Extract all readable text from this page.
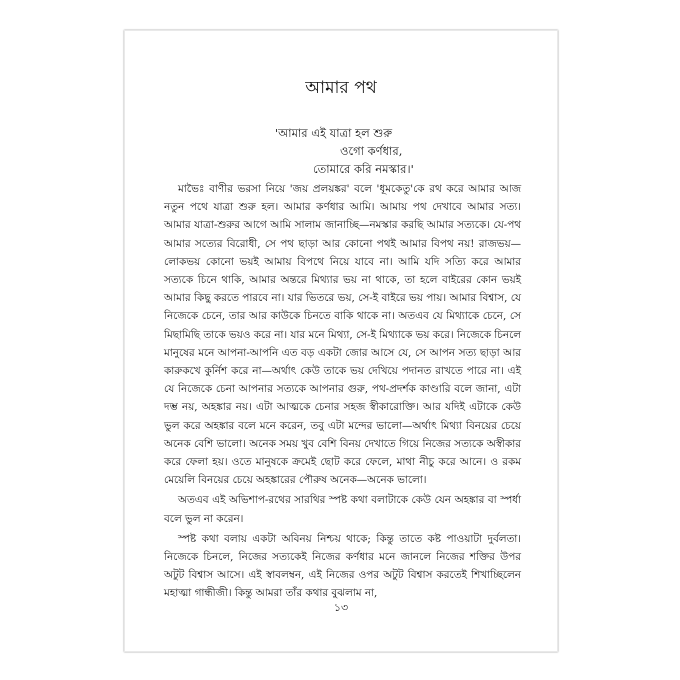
আমার পথ
'আমার এই যাত্রা হল শুরু
ওগো কর্ণধার,
তোমারে করি নমস্কার।'

মাভৈঃ বাণীর ভরসা নিয়ে 'জয় প্রলয়ঙ্কর' বলে 'ধূমকেতু'কে রথ করে আমার আজ নতুন পথে যাত্রা শুরু হল। আমার কর্ণধার আমি। আমায় পথ দেখাবে আমার সত্য। আমার যাত্রা-শুরুর আগে আমি সালাম জানাচ্ছি—নমস্কার করছি আমার সত্যকে। যে-পথ আমার সত্যের বিরোধী, সে পথ ছাড়া আর কোনো পথই আমার বিপথ নয়! রাজভয়— লোকভয় কোনো ভয়ই আমায় বিপথে নিয়ে যাবে না। আমি যদি সত্যি করে আমার সত্যকে চিনে থাকি, আমার অন্তরে মিথ্যার ভয় না থাকে, তা হলে বাইরের কোন ভয়ই আমার কিছু করতে পারবে না। যার ভিতরে ভয়, সে-ই বাইরে ভয় পায়। আমার বিশ্বাস, যে নিজেকে চেনে, তার আর কাউকে চিনতে বাকি থাকে না। অতএব যে মিথ্যাকে চেনে, সে মিছামিছি তাকে ভয়ও করে না। যার মনে মিথ্যা, সে-ই মিথ্যাকে ভয় করে। নিজেকে চিনলে মানুষের মনে আপনা-আপনি এত বড় একটা জোর আসে যে, সে আপন সত্য ছাড়া আর কারুকখে কুর্নিশ করে না—অর্থাৎ কেউ তাকে ভয় দেখিয়ে পদানত রাখতে পারে না। এই যে নিজেকে চেনা আপনার সত্যকে আপনার গুরু, পথ-প্রদর্শক কাণ্ডারি বলে জানা, এটা দম্ভ নয়, অহঙ্কার নয়। এটা আত্মকে চেনার সহজ স্বীকারোক্তি। আর যদিই এটাকে কেউ ভুল করে অহঙ্কার বলে মনে করেন, তবু এটা মন্দের ভালো—অর্থাৎ মিথ্যা বিনয়ের চেয়ে অনেক বেশি ভালো। অনেক সময় খুব বেশি বিনয় দেখাতে গিয়ে নিজের সত্যকে অস্বীকার করে ফেলা হয়। ওতে মানুষকে ক্রমেই ছোট করে ফেলে, মাথা নীচু করে আনে। ও রকম মেয়েলি বিনয়ের চেয়ে অহঙ্কারের পৌরুষ অনেক—অনেক ভালো।

অতএব এই অভিশাপ-রথের সারথির স্পষ্ট কথা বলাটাকে কেউ যেন অহঙ্কার বা স্পর্ধা বলে ভুল না করেন।

স্পষ্ট কথা বলায় একটা অবিনয় নিশ্চয় থাকে; কিন্তু তাতে কষ্ট পাওয়াটা দুর্বলতা। নিজেকে চিনলে, নিজের সত্যকেই নিজের কর্ণধার মনে জানলে নিজের শক্তির উপর অটুট বিশ্বাস আসে। এই স্বাবলম্বন, এই নিজের ওপর অটুট বিশ্বাস করতেই শিখাচ্ছিলেন মহাত্মা গান্ধীজী। কিন্তু আমরা তাঁর কথার বুঝলাম না,

১৩
